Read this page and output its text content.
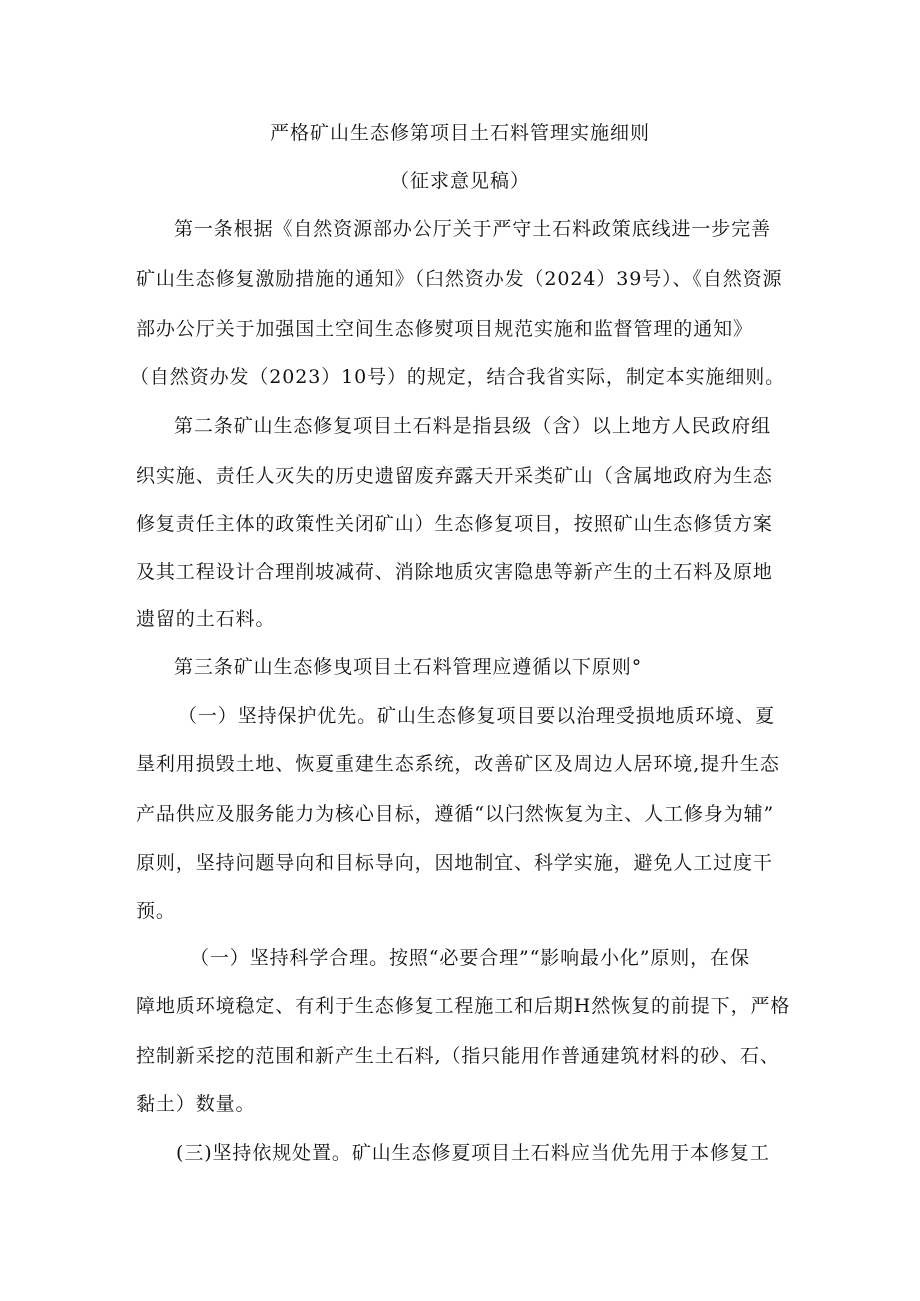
严格矿山生态修第项目土石料管理实施细则
（征求意见稿）
第一条根据《自然资源部办公厅关于严守土石料政策底线进一步完善
矿山生态修复激励措施的通知》（臼然资办发（2024）39号）、《自然资源
部办公厅关于加强国土空间生态修熨项目规范实施和监督管理的通知》
（自然资办发（2023）10号）的规定，结合我省实际，制定本实施细则。
第二条矿山生态修复项目土石料是指县级（含）以上地方人民政府组
织实施、责任人灭失的历史遗留废弃露天开采类矿山（含属地政府为生态
修复责任主体的政策性关闭矿山）生态修复项目，按照矿山生态修赁方案
及其工程设计合理削坡减荷、消除地质灾害隐患等新产生的土石料及原地
遗留的土石料。
第三条矿山生态修曳项目土石料管理应遵循以下原则°
（一）坚持保护优先。矿山生态修复项目要以治理受损地质环境、夏
垦利用损毁土地、恢夏重建生态系统，改善矿区及周边人居环境,提升生态
产品供应及服务能力为核心目标，遵循“以闩然恢复为主、人工修身为辅”
原则，坚持问题导向和目标导向，因地制宜、科学实施，避免人工过度干
预。
（一）坚持科学合理。按照“必要合理”“影响最小化”原则，在保
障地质环境稳定、有利于生态修复工程施工和后期H然恢复的前提下，严格
控制新采挖的范围和新产生土石料,（指只能用作普通建筑材料的砂、石、
黏土）数量。
(三)坚持依规处置。矿山生态修夏项目土石料应当优先用于本修复工
